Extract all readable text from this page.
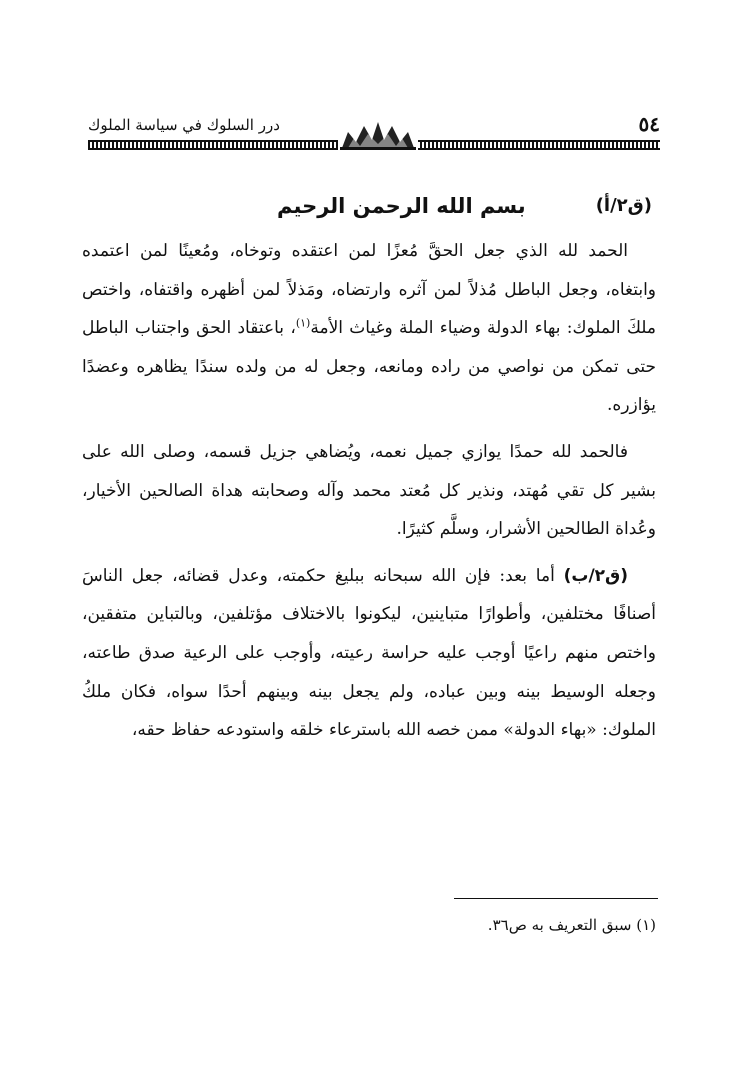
٥٤
درر السلوك في سياسة الملوك
(ق٢/أ)
بسم الله الرحمن الرحيم

الحمد لله الذي جعل الحقَّ مُعزًا لمن اعتقده وتوخاه، ومُعينًا لمن اعتمده وابتغاه، وجعل الباطل مُذلاً لمن آثره وارتضاه، ومَذلاً لمن أظهره واقتفاه، واختص ملكَ الملوك: بهاء الدولة وضياء الملة وغياث الأمة$^{(١)}$، باعتقاد الحق واجتناب الباطل حتى تمكن من نواصي من راده ومانعه، وجعل له من ولده سندًا يظاهره وعضدًا يؤازره.

فالحمد لله حمدًا يوازي جميل نعمه، ويُضاهي جزيل قسمه، وصلى الله على بشير كل تقي مُهتد، ونذير كل مُعتد محمد وآله وصحابته هداة الصالحين الأخيار، وعُداة الطالحين الأشرار، وسلَّم كثيرًا.

(ق٢/ب) أما بعد: فإن الله سبحانه ببليغ حكمته، وعدل قضائه، جعل الناسَ أصنافًا مختلفين، وأطوارًا متباينين، ليكونوا بالاختلاف مؤتلفين، وبالتباين متفقين، واختص منهم راعيًا أوجب عليه حراسة رعيته، وأوجب على الرعية صدق طاعته، وجعله الوسيط بينه وبين عباده، ولم يجعل بينه وبينهم أحدًا سواه، فكان ملكُ الملوك: «بهاء الدولة» ممن خصه الله باسترعاء خلقه واستودعه حفاظ حقه،

(١) سبق التعريف به ص٣٦.
